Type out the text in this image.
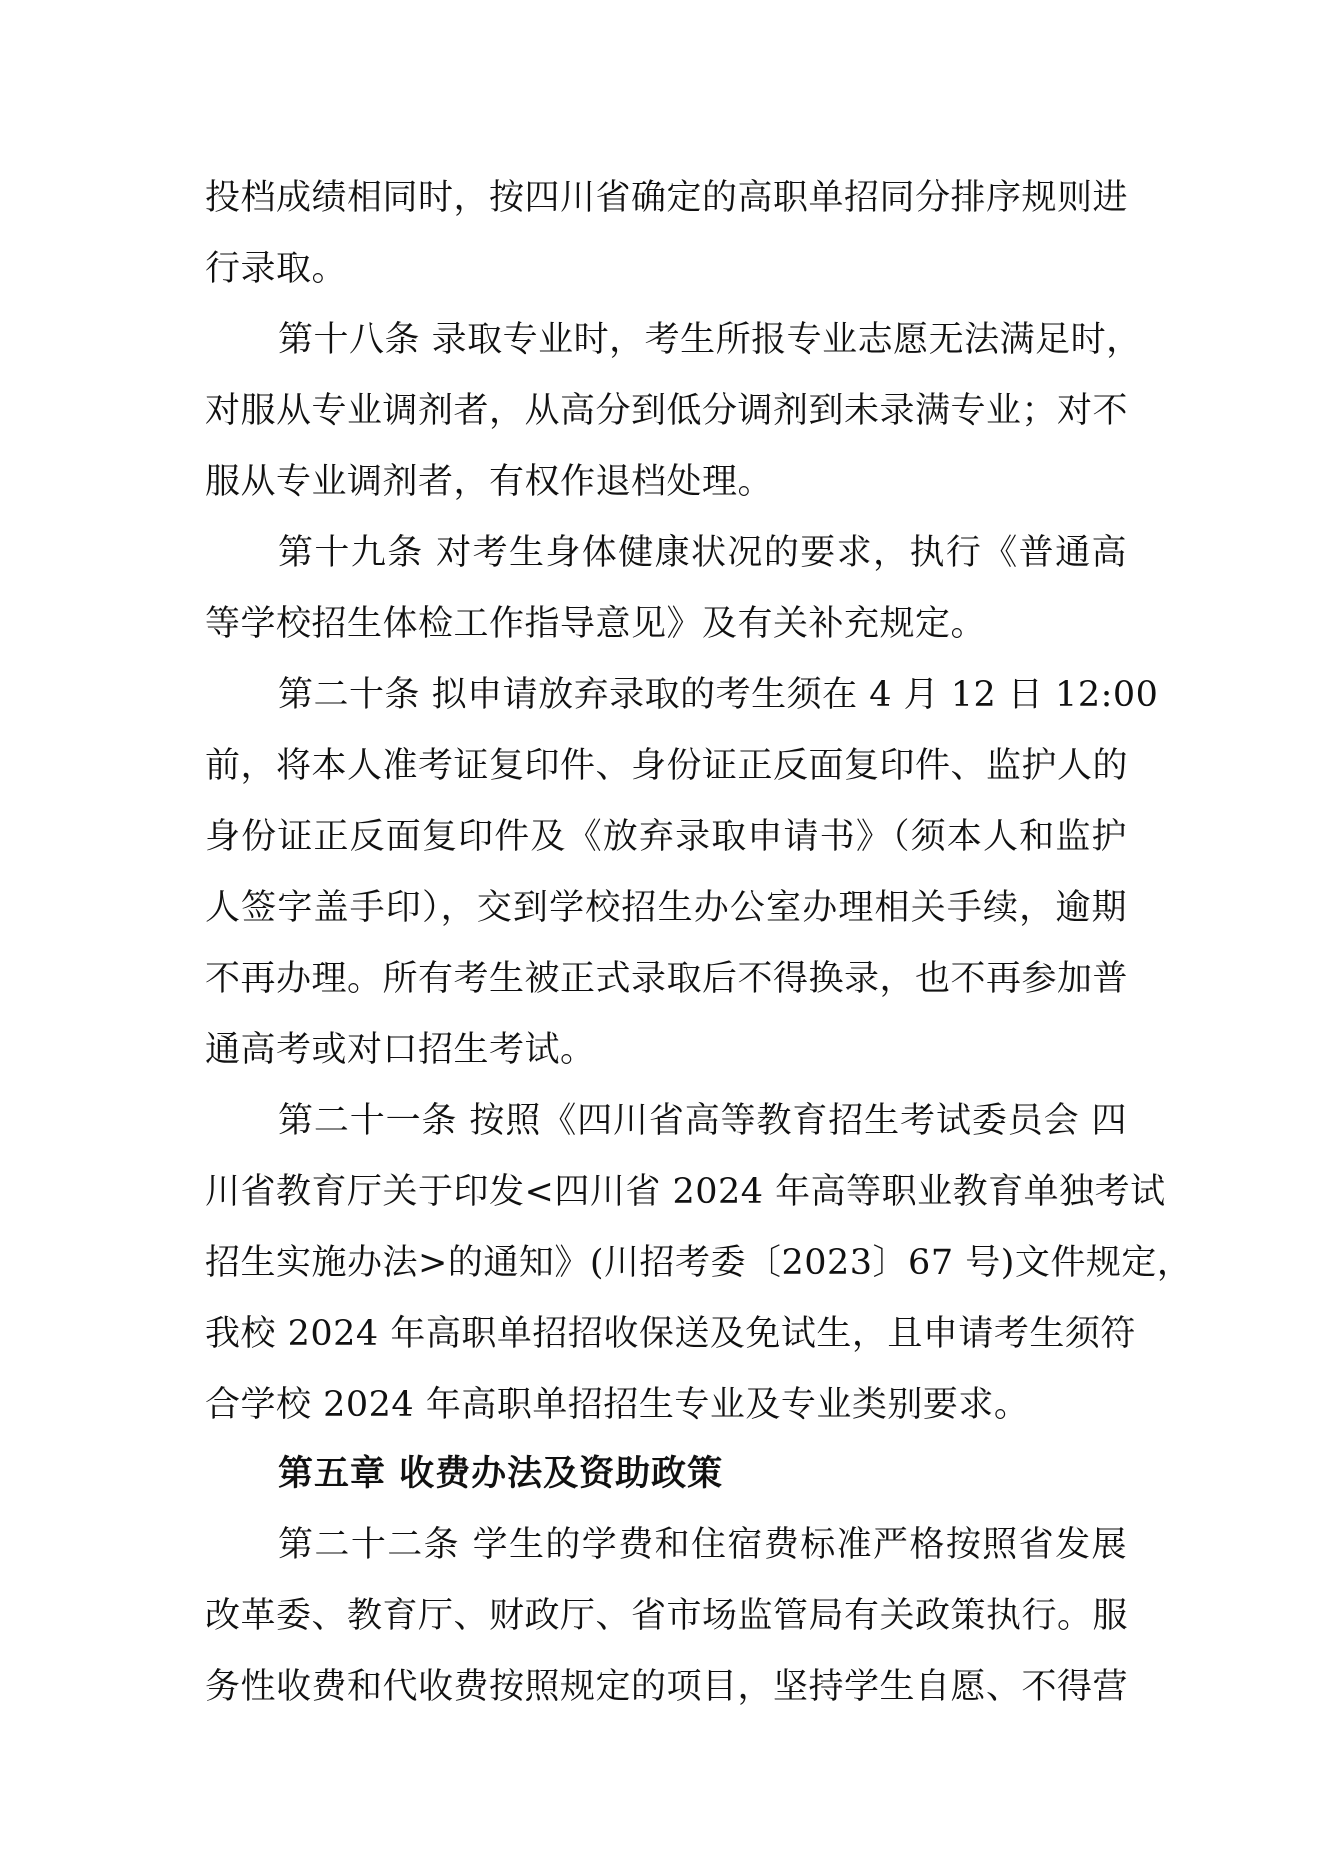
投档成绩相同时，按四川省确定的高职单招同分排序规则进
行录取。
第十八条 录取专业时，考生所报专业志愿无法满足时，
对服从专业调剂者，从高分到低分调剂到未录满专业；对不
服从专业调剂者，有权作退档处理。
第十九条 对考生身体健康状况的要求，执行《普通高
等学校招生体检工作指导意见》及有关补充规定。
第二十条 拟申请放弃录取的考生须在 4 月 12 日 12:00
前，将本人准考证复印件、身份证正反面复印件、监护人的
身份证正反面复印件及《放弃录取申请书》（须本人和监护
人签字盖手印），交到学校招生办公室办理相关手续，逾期
不再办理。所有考生被正式录取后不得换录，也不再参加普
通高考或对口招生考试。
第二十一条 按照《四川省高等教育招生考试委员会 四
川省教育厅关于印发<四川省 2024 年高等职业教育单独考试
招生实施办法>的通知》(川招考委〔2023〕67 号)文件规定，
我校 2024 年高职单招招收保送及免试生，且申请考生须符
合学校 2024 年高职单招招生专业及专业类别要求。
第五章 收费办法及资助政策
第二十二条 学生的学费和住宿费标准严格按照省发展
改革委、教育厅、财政厅、省市场监管局有关政策执行。服
务性收费和代收费按照规定的项目，坚持学生自愿、不得营
